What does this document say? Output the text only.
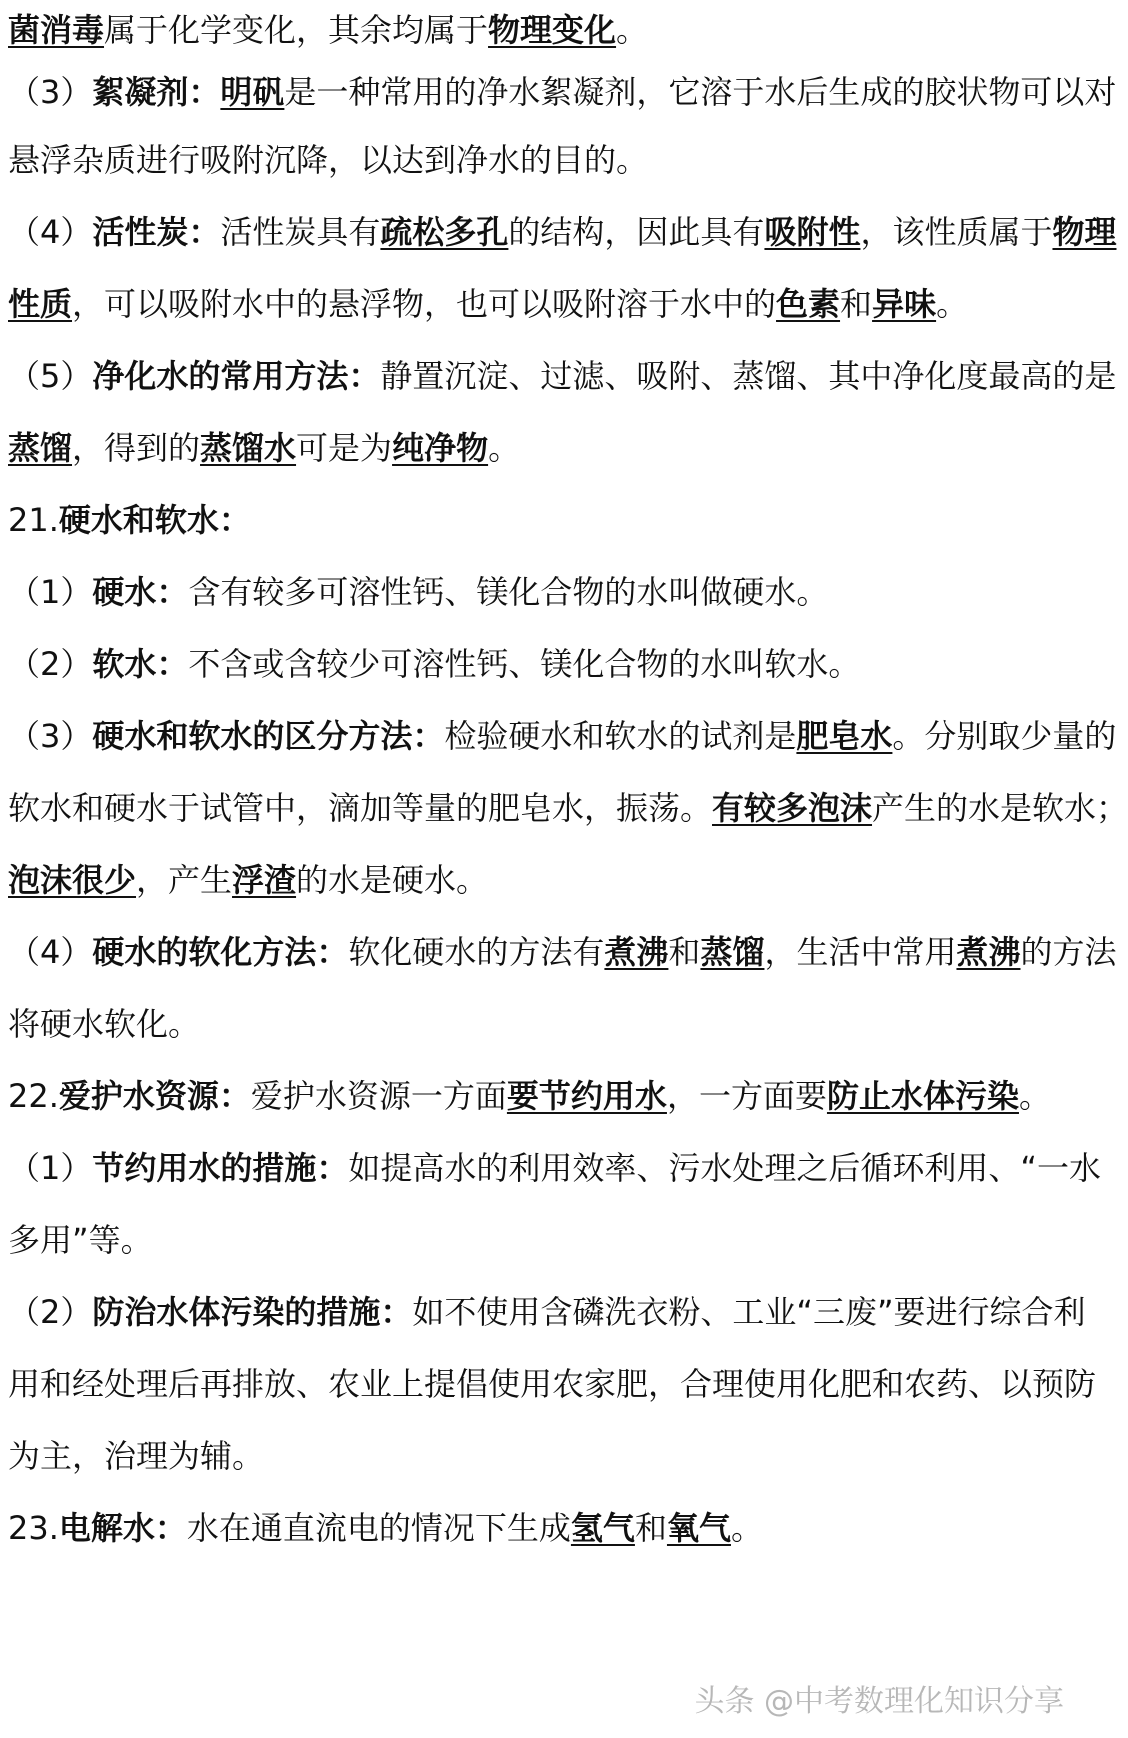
菌消毒属于化学变化，其余均属于物理变化。
（3）絮凝剂：明矾是一种常用的净水絮凝剂，它溶于水后生成的胶状物可以对
悬浮杂质进行吸附沉降，以达到净水的目的。
（4）活性炭：活性炭具有疏松多孔的结构，因此具有吸附性，该性质属于物理
性质，可以吸附水中的悬浮物，也可以吸附溶于水中的色素和异味。
（5）净化水的常用方法：静置沉淀、过滤、吸附、蒸馏、其中净化度最高的是
蒸馏，得到的蒸馏水可是为纯净物。
21.硬水和软水：
（1）硬水：含有较多可溶性钙、镁化合物的水叫做硬水。
（2）软水：不含或含较少可溶性钙、镁化合物的水叫软水。
（3）硬水和软水的区分方法：检验硬水和软水的试剂是肥皂水。分别取少量的
软水和硬水于试管中，滴加等量的肥皂水，振荡。有较多泡沫产生的水是软水；
泡沫很少，产生浮渣的水是硬水。
（4）硬水的软化方法：软化硬水的方法有煮沸和蒸馏，生活中常用煮沸的方法
将硬水软化。
22.爱护水资源：爱护水资源一方面要节约用水，一方面要防止水体污染。
（1）节约用水的措施：如提高水的利用效率、污水处理之后循环利用、“一水
多用”等。
（2）防治水体污染的措施：如不使用含磷洗衣粉、工业“三废”要进行综合利
用和经处理后再排放、农业上提倡使用农家肥，合理使用化肥和农药、以预防
为主，治理为辅。
23.电解水：水在通直流电的情况下生成氢气和氧气。
头条 @中考数理化知识分享
